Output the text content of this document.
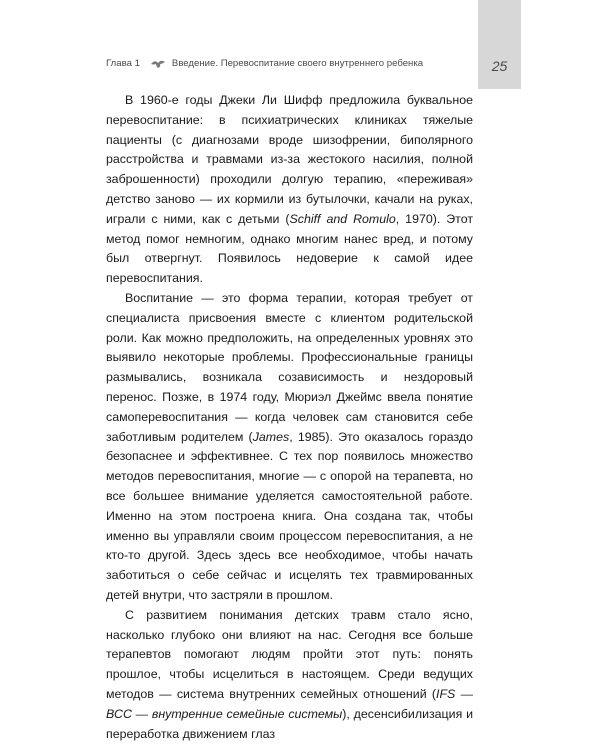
25
Глава 1	Введение. Перевоспитание своего внутреннего ребенка

В 1960-е годы Джеки Ли Шифф предложила буквальное перевоспитание: в психиатрических клиниках тяжелые пациенты (с диагнозами вроде шизофрении, биполярного расстройства и травмами из-за жестокого насилия, полной заброшенности) проходили долгую терапию, «переживая» детство заново — их кормили из бутылочки, качали на руках, играли с ними, как с детьми (Schiff and Romulo, 1970). Этот метод помог немногим, однако многим нанес вред, и потому был отвергнут. Появилось недоверие к самой идее перевоспитания.

Воспитание — это форма терапии, которая требует от специалиста присвоения вместе с клиентом родительской роли. Как можно предположить, на определенных уровнях это выявило некоторые проблемы. Профессиональные границы размывались, возникала созависимость и нездоровый перенос. Позже, в 1974 году, Мюриэл Джеймс ввела понятие самоперевоспитания — когда человек сам становится себе заботливым родителем (James, 1985). Это оказалось гораздо безопаснее и эффективнее. С тех пор появилось множество методов перевоспитания, многие — с опорой на терапевта, но все большее внимание уделяется самостоятельной работе. Именно на этом построена книга. Она создана так, чтобы именно вы управляли своим процессом перевоспитания, а не кто-то другой. Здесь здесь все необходимое, чтобы начать заботиться о себе сейчас и исцелять тех травмированных детей внутри, что застряли в прошлом.

С развитием понимания детских травм стало ясно, насколько глубоко они влияют на нас. Сегодня все больше терапевтов помогают людям пройти этот путь: понять прошлое, чтобы исцелиться в настоящем. Среди ведущих методов — система внутренних семейных отношений (IFS — ВСС — внутренние семейные системы), десенсибилизация и переработка движением глаз
